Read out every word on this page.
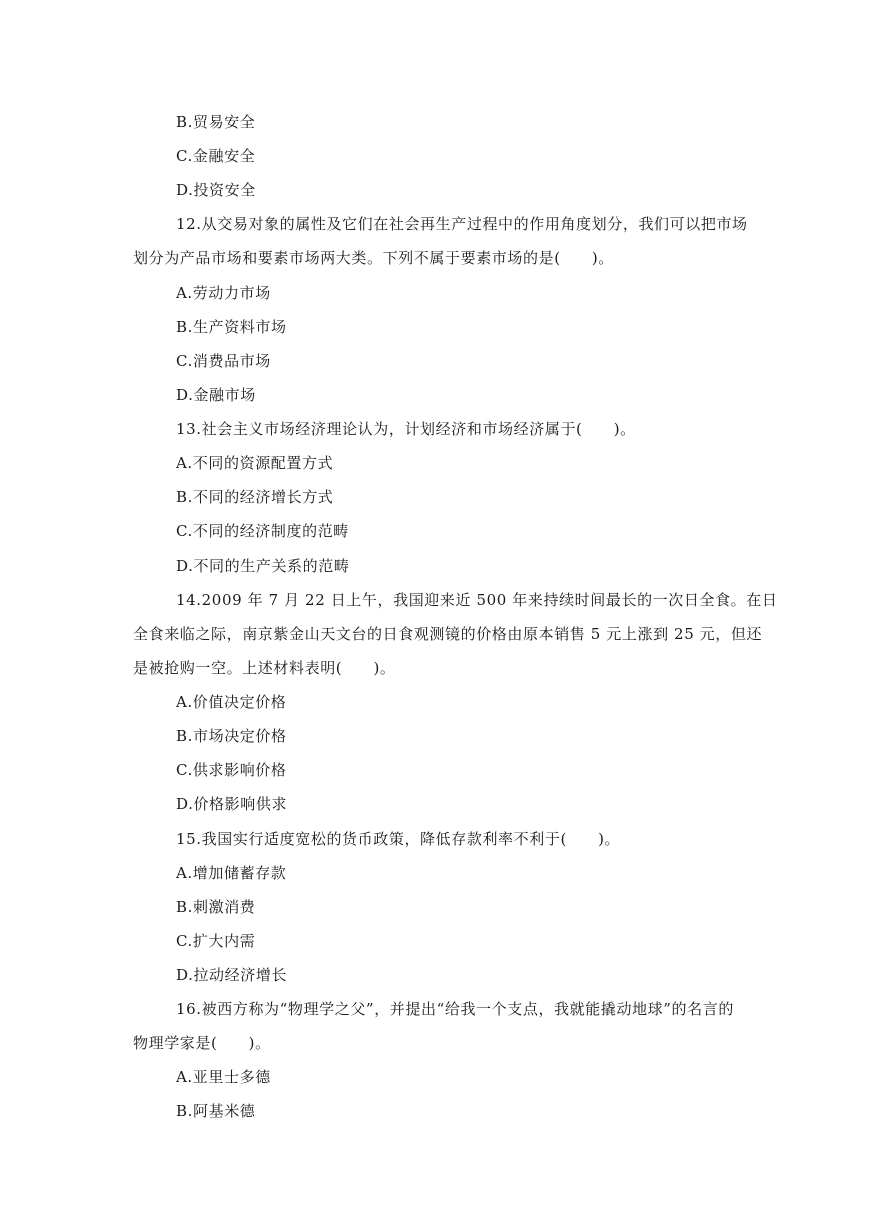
B.贸易安全
C.金融安全
D.投资安全
12.从交易对象的属性及它们在社会再生产过程中的作用角度划分，我们可以把市场
划分为产品市场和要素市场两大类。下列不属于要素市场的是(　　)。
A.劳动力市场
B.生产资料市场
C.消费品市场
D.金融市场
13.社会主义市场经济理论认为，计划经济和市场经济属于(　　)。
A.不同的资源配置方式
B.不同的经济增长方式
C.不同的经济制度的范畴
D.不同的生产关系的范畴
14.2009 年 7 月 22 日上午，我国迎来近 500 年来持续时间最长的一次日全食。在日
全食来临之际，南京紫金山天文台的日食观测镜的价格由原本销售 5 元上涨到 25 元，但还
是被抢购一空。上述材料表明(　　)。
A.价值决定价格
B.市场决定价格
C.供求影响价格
D.价格影响供求
15.我国实行适度宽松的货币政策，降低存款利率不利于(　　)。
A.增加储蓄存款
B.刺激消费
C.扩大内需
D.拉动经济增长
16.被西方称为“物理学之父”，并提出“给我一个支点，我就能撬动地球”的名言的
物理学家是(　　)。
A.亚里士多德
B.阿基米德
